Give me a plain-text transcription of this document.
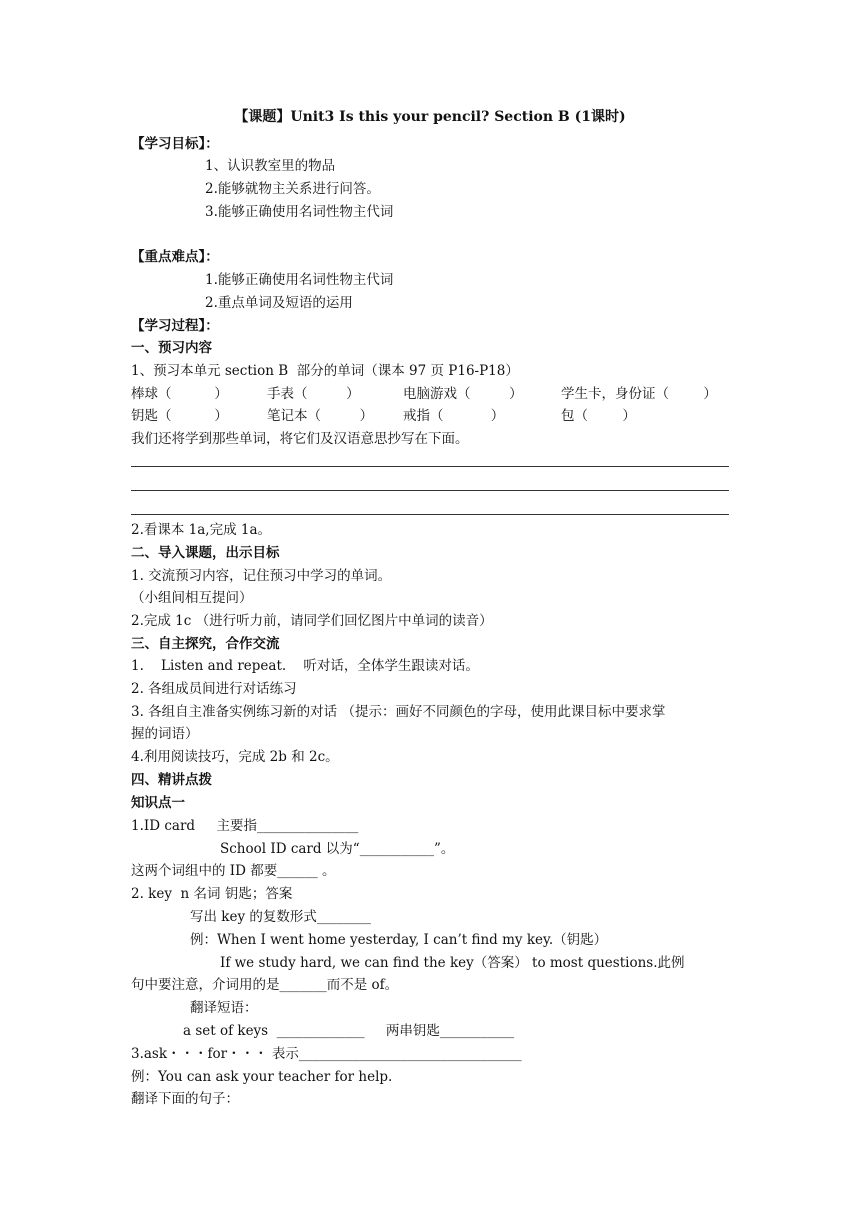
【课题】Unit3 Is this your pencil? Section B (1课时)
【学习目标】：
1、认识教室里的物品
2.能够就物主关系进行问答。
3.能够正确使用名词性物主代词
【重点难点】：
1.能够正确使用名词性物主代词
2.重点单词及短语的运用
【学习过程】：
一、预习内容
1、预习本单元 section B  部分的单词（课本 97 页 P16-P18）
棒球（          ）	手表（         ）	电脑游戏（         ）	学生卡，身份证（        ）
钥匙（          ）	笔记本（         ） 戒指（           ）	包（        ）
我们还将学到那些单词，将它们及汉语意思抄写在下面。
2.看课本 1a,完成 1a。
二、导入课题，出示目标
1. 交流预习内容，记住预习中学习的单词。
（小组间相互提问）
2.完成 1c （进行听力前，请同学们回忆图片中单词的读音）
三、自主探究，合作交流
1.    Listen and repeat.    听对话，全体学生跟读对话。
2. 各组成员间进行对话练习
3. 各组自主准备实例练习新的对话 （提示：画好不同颜色的字母，使用此课目标中要求掌
握的词语）
4.利用阅读技巧，完成 2b 和 2c。
四、精讲点拨
知识点一
1.ID card     主要指_______________
School ID card 以为“___________”。
这两个词组中的 ID 都要______ 。
2. key  n 名词 钥匙；答案
写出 key 的复数形式________
例：When I went home yesterday, I can’t find my key.（钥匙）
If we study hard, we can find the key（答案） to most questions.此例
句中要注意，介词用的是_______而不是 of。
翻译短语：
a set of keys  _____________     两串钥匙___________
3.ask・・・for・・・ 表示_________________________________
例：You can ask your teacher for help.
翻译下面的句子：
